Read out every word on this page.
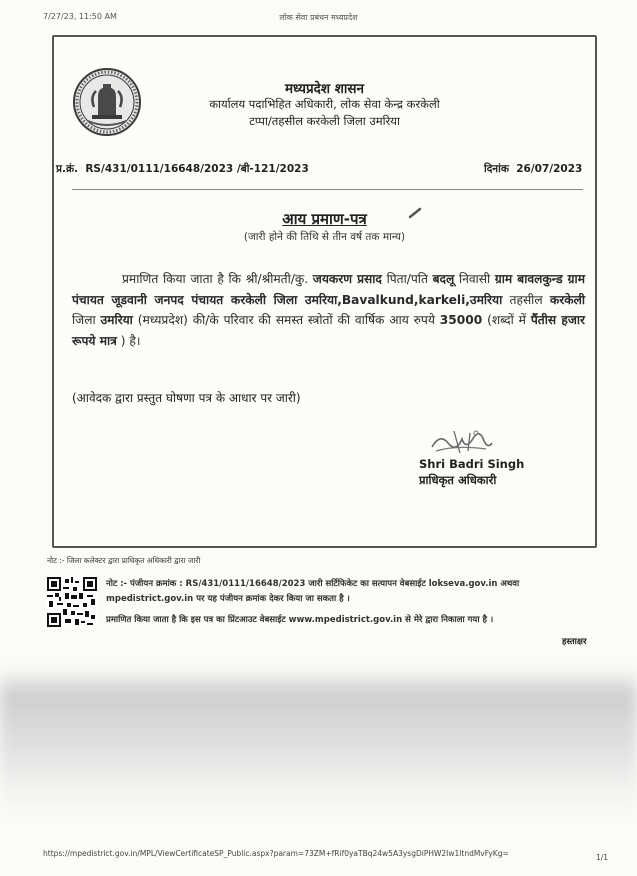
7/27/23, 11:50 AM	लोक सेवा प्रबंधन मध्यप्रदेश
मध्यप्रदेश शासन
कार्यालय पदाभिहित अधिकारी, लोक सेवा केन्द्र करकेली
टप्पा/तहसील करकेली जिला उमरिया
प्र.क्रं. RS/431/0111/16648/2023 /बी-121/2023	दिनांक 26/07/2023
आय प्रमाण-पत्र
(जारी होने की तिथि से तीन वर्ष तक मान्य)
प्रमाणित किया जाता है कि श्री/श्रीमती/कु. जयकरण प्रसाद पिता/पति बदलू निवासी ग्राम बावलकुन्ड ग्राम पंचायत जूडवानी जनपद पंचायत करकेली जिला उमरिया,Bavalkund,karkeli,उमरिया तहसील करकेली जिला उमरिया (मध्यप्रदेश) की/के परिवार की समस्त स्त्रोतों की वार्षिक आय रुपये 35000 (शब्दों में पैंतीस हजार रूपये मात्र ) है।
(आवेदक द्वारा प्रस्तुत घोषणा पत्र के आधार पर जारी)
Shri Badri Singh
प्राधिकृत अधिकारी
नोट :- जिला कलेक्टर द्वारा प्राधिकृत अधिकारी द्वारा जारी
नोट :- पंजीयन क्रमांक : RS/431/0111/16648/2023 जारी सर्टिफिकेट का सत्यापन वेबसाईट lokseva.gov.in अथवा
mpedistrict.gov.in पर यह पंजीयन क्रमांक देकर किया जा सकता है ।
प्रमाणित किया जाता है कि इस पत्र का प्रिंटआउट वेबसाईट www.mpedistrict.gov.in से मेरे द्वारा निकाला गया है ।
हस्ताक्षर
https://mpedistrict.gov.in/MPL/ViewCertificateSP_Public.aspx?param=73ZM+fRif0yaTBq24w5A3ysgDiPHW2Iw1ltndMvFyKg=	1/1
